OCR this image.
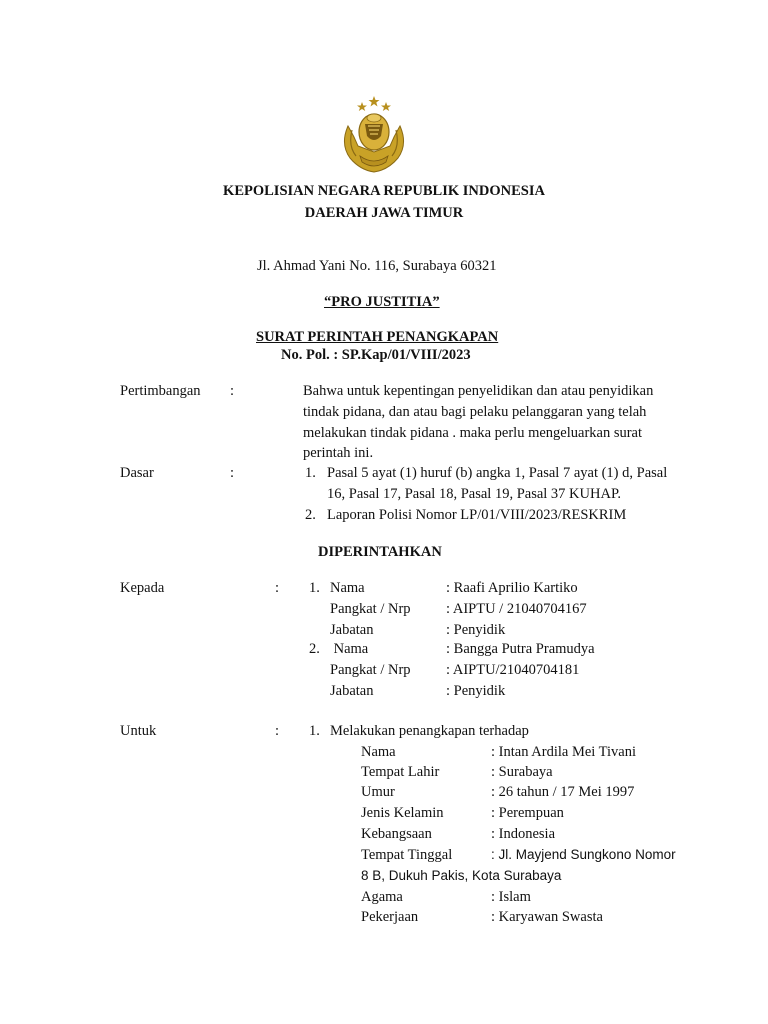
KEPOLISIAN NEGARA REPUBLIK INDONESIA
DAERAH JAWA TIMUR
Jl. Ahmad Yani No. 116, Surabaya 60321
“PRO JUSTITIA”
SURAT PERINTAH PENANGKAPAN
No. Pol. : SP.Kap/01/VIII/2023
Pertimbangan :	Bahwa untuk kepentingan penyelidikan dan atau penyidikan
tindak pidana, dan atau bagi pelaku pelanggaran yang telah
melakukan tindak pidana . maka perlu mengeluarkan surat
perintah ini.
Dasar	:	1. Pasal 5 ayat (1) huruf (b) angka 1, Pasal 7 ayat (1) d, Pasal
16, Pasal 17, Pasal 18, Pasal 19, Pasal 37 KUHAP.
2. Laporan Polisi Nomor LP/01/VIII/2023/RESKRIM
DIPERINTAHKAN
Kepada	: 1. Nama	: Raafi Aprilio Kartiko
Pangkat / Nrp : AIPTU / 21040704167
Jabatan	: Penyidik
2. Nama	: Bangga Putra Pramudya
Pangkat / Nrp : AIPTU/21040704181
Jabatan	: Penyidik
Untuk	: 1. Melakukan penangkapan terhadap
Nama	: Intan Ardila Mei Tivani
Tempat Lahir	: Surabaya
Umur	: 26 tahun / 17 Mei 1997
Jenis Kelamin	: Perempuan
Kebangsaan	: Indonesia
Tempat Tinggal	: Jl. Mayjend Sungkono Nomor
8 B, Dukuh Pakis, Kota Surabaya
Agama	: Islam
Pekerjaan	: Karyawan Swasta
